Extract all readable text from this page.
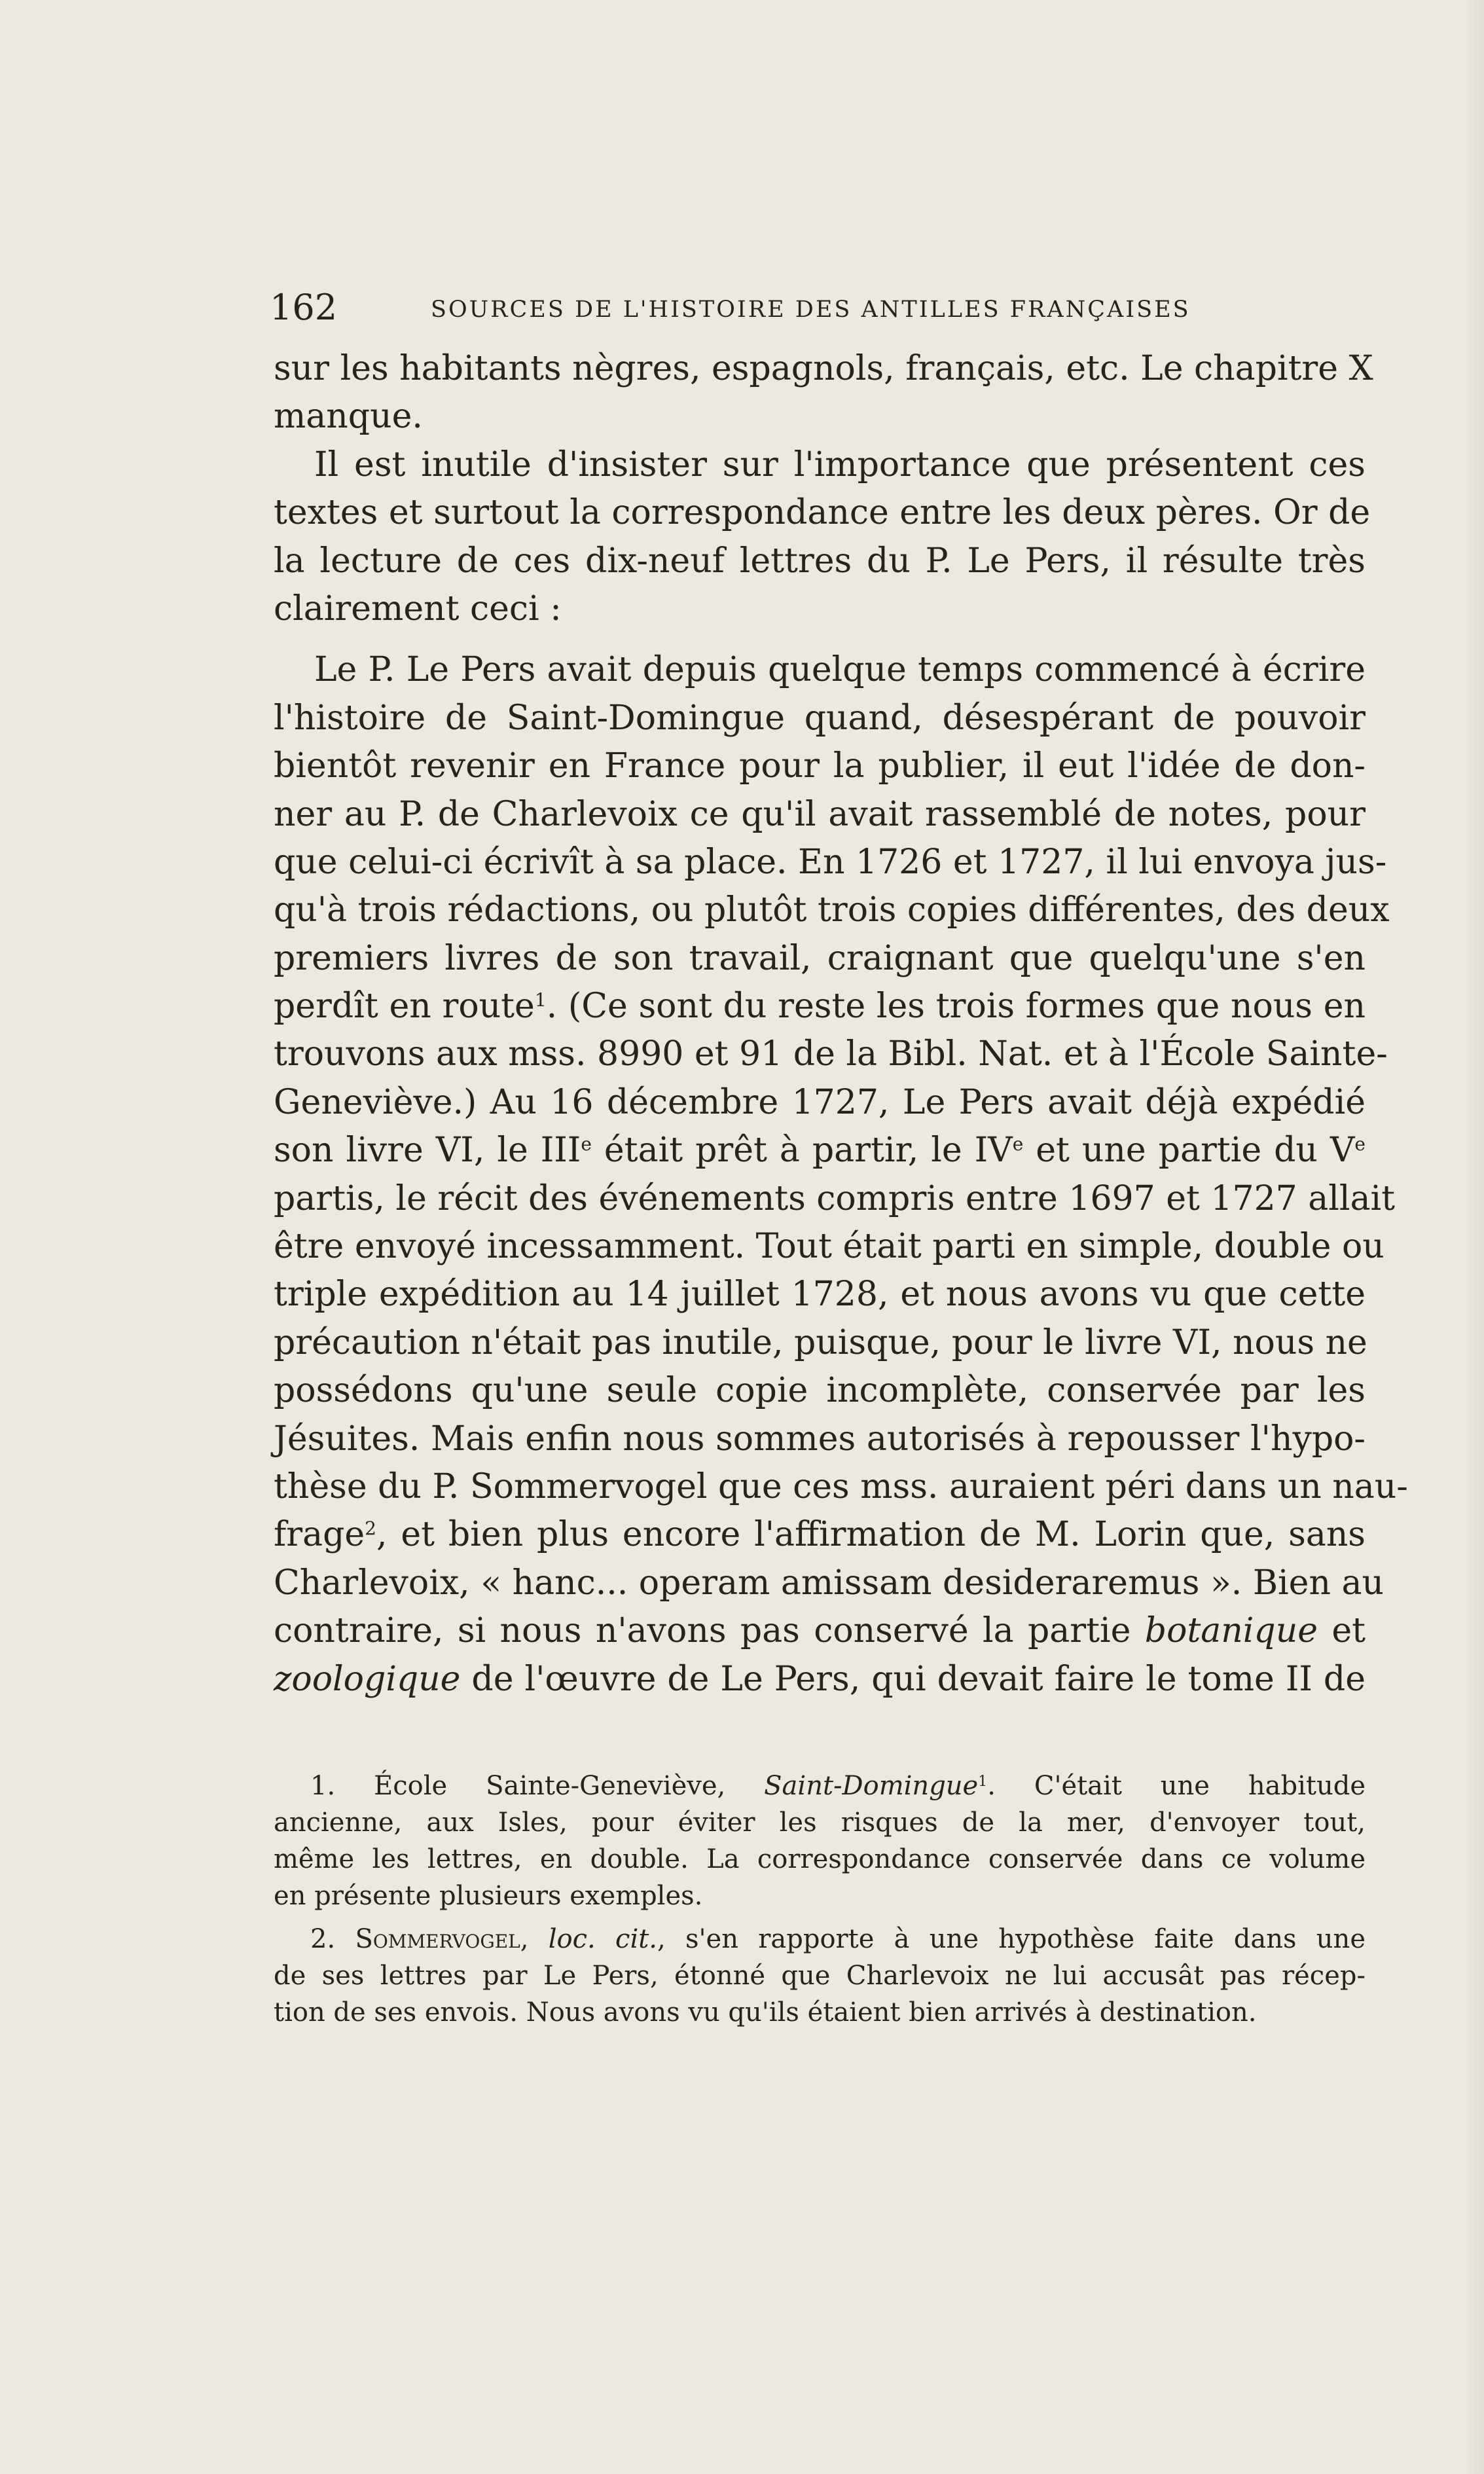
162	SOURCES DE L'HISTOIRE DES ANTILLES FRANÇAISES
sur les habitants nègres, espagnols, français, etc. Le chapitre X
manque.
Il est inutile d'insister sur l'importance que présentent ces
textes et surtout la correspondance entre les deux pères. Or de
la lecture de ces dix-neuf lettres du P. Le Pers, il résulte très
clairement ceci :
Le P. Le Pers avait depuis quelque temps commencé à écrire
l'histoire de Saint-Domingue quand, désespérant de pouvoir
bientôt revenir en France pour la publier, il eut l'idée de don-
ner au P. de Charlevoix ce qu'il avait rassemblé de notes, pour
que celui-ci écrivît à sa place. En 1726 et 1727, il lui envoya jus-
qu'à trois rédactions, ou plutôt trois copies différentes, des deux
premiers livres de son travail, craignant que quelqu'une s'en
perdît en route$^1$. (Ce sont du reste les trois formes que nous en
trouvons aux mss. 8990 et 91 de la Bibl. Nat. et à l'École Sainte-
Geneviève.) Au 16 décembre 1727, Le Pers avait déjà expédié
son livre VI, le IIIe était prêt à partir, le IVe et une partie du Ve
partis, le récit des événements compris entre 1697 et 1727 allait
être envoyé incessamment. Tout était parti en simple, double ou
triple expédition au 14 juillet 1728, et nous avons vu que cette
précaution n'était pas inutile, puisque, pour le livre VI, nous ne
possédons qu'une seule copie incomplète, conservée par les
Jésuites. Mais enfin nous sommes autorisés à repousser l'hypo-
thèse du P. Sommervogel que ces mss. auraient péri dans un nau-
frage$^2$, et bien plus encore l'affirmation de M. Lorin que, sans
Charlevoix, « hanc... operam amissam desideraremus ». Bien au
contraire, si nous n'avons pas conservé la partie botanique et
zoologique de l'œuvre de Le Pers, qui devait faire le tome II de
1. École Sainte-Geneviève, Saint-Domingue$^1$. C'était une habitude
ancienne, aux Isles, pour éviter les risques de la mer, d'envoyer tout,
même les lettres, en double. La correspondance conservée dans ce volume
en présente plusieurs exemples.
2. Sommervogel, loc. cit., s'en rapporte à une hypothèse faite dans une
de ses lettres par Le Pers, étonné que Charlevoix ne lui accusât pas récep-
tion de ses envois. Nous avons vu qu'ils étaient bien arrivés à destination.
